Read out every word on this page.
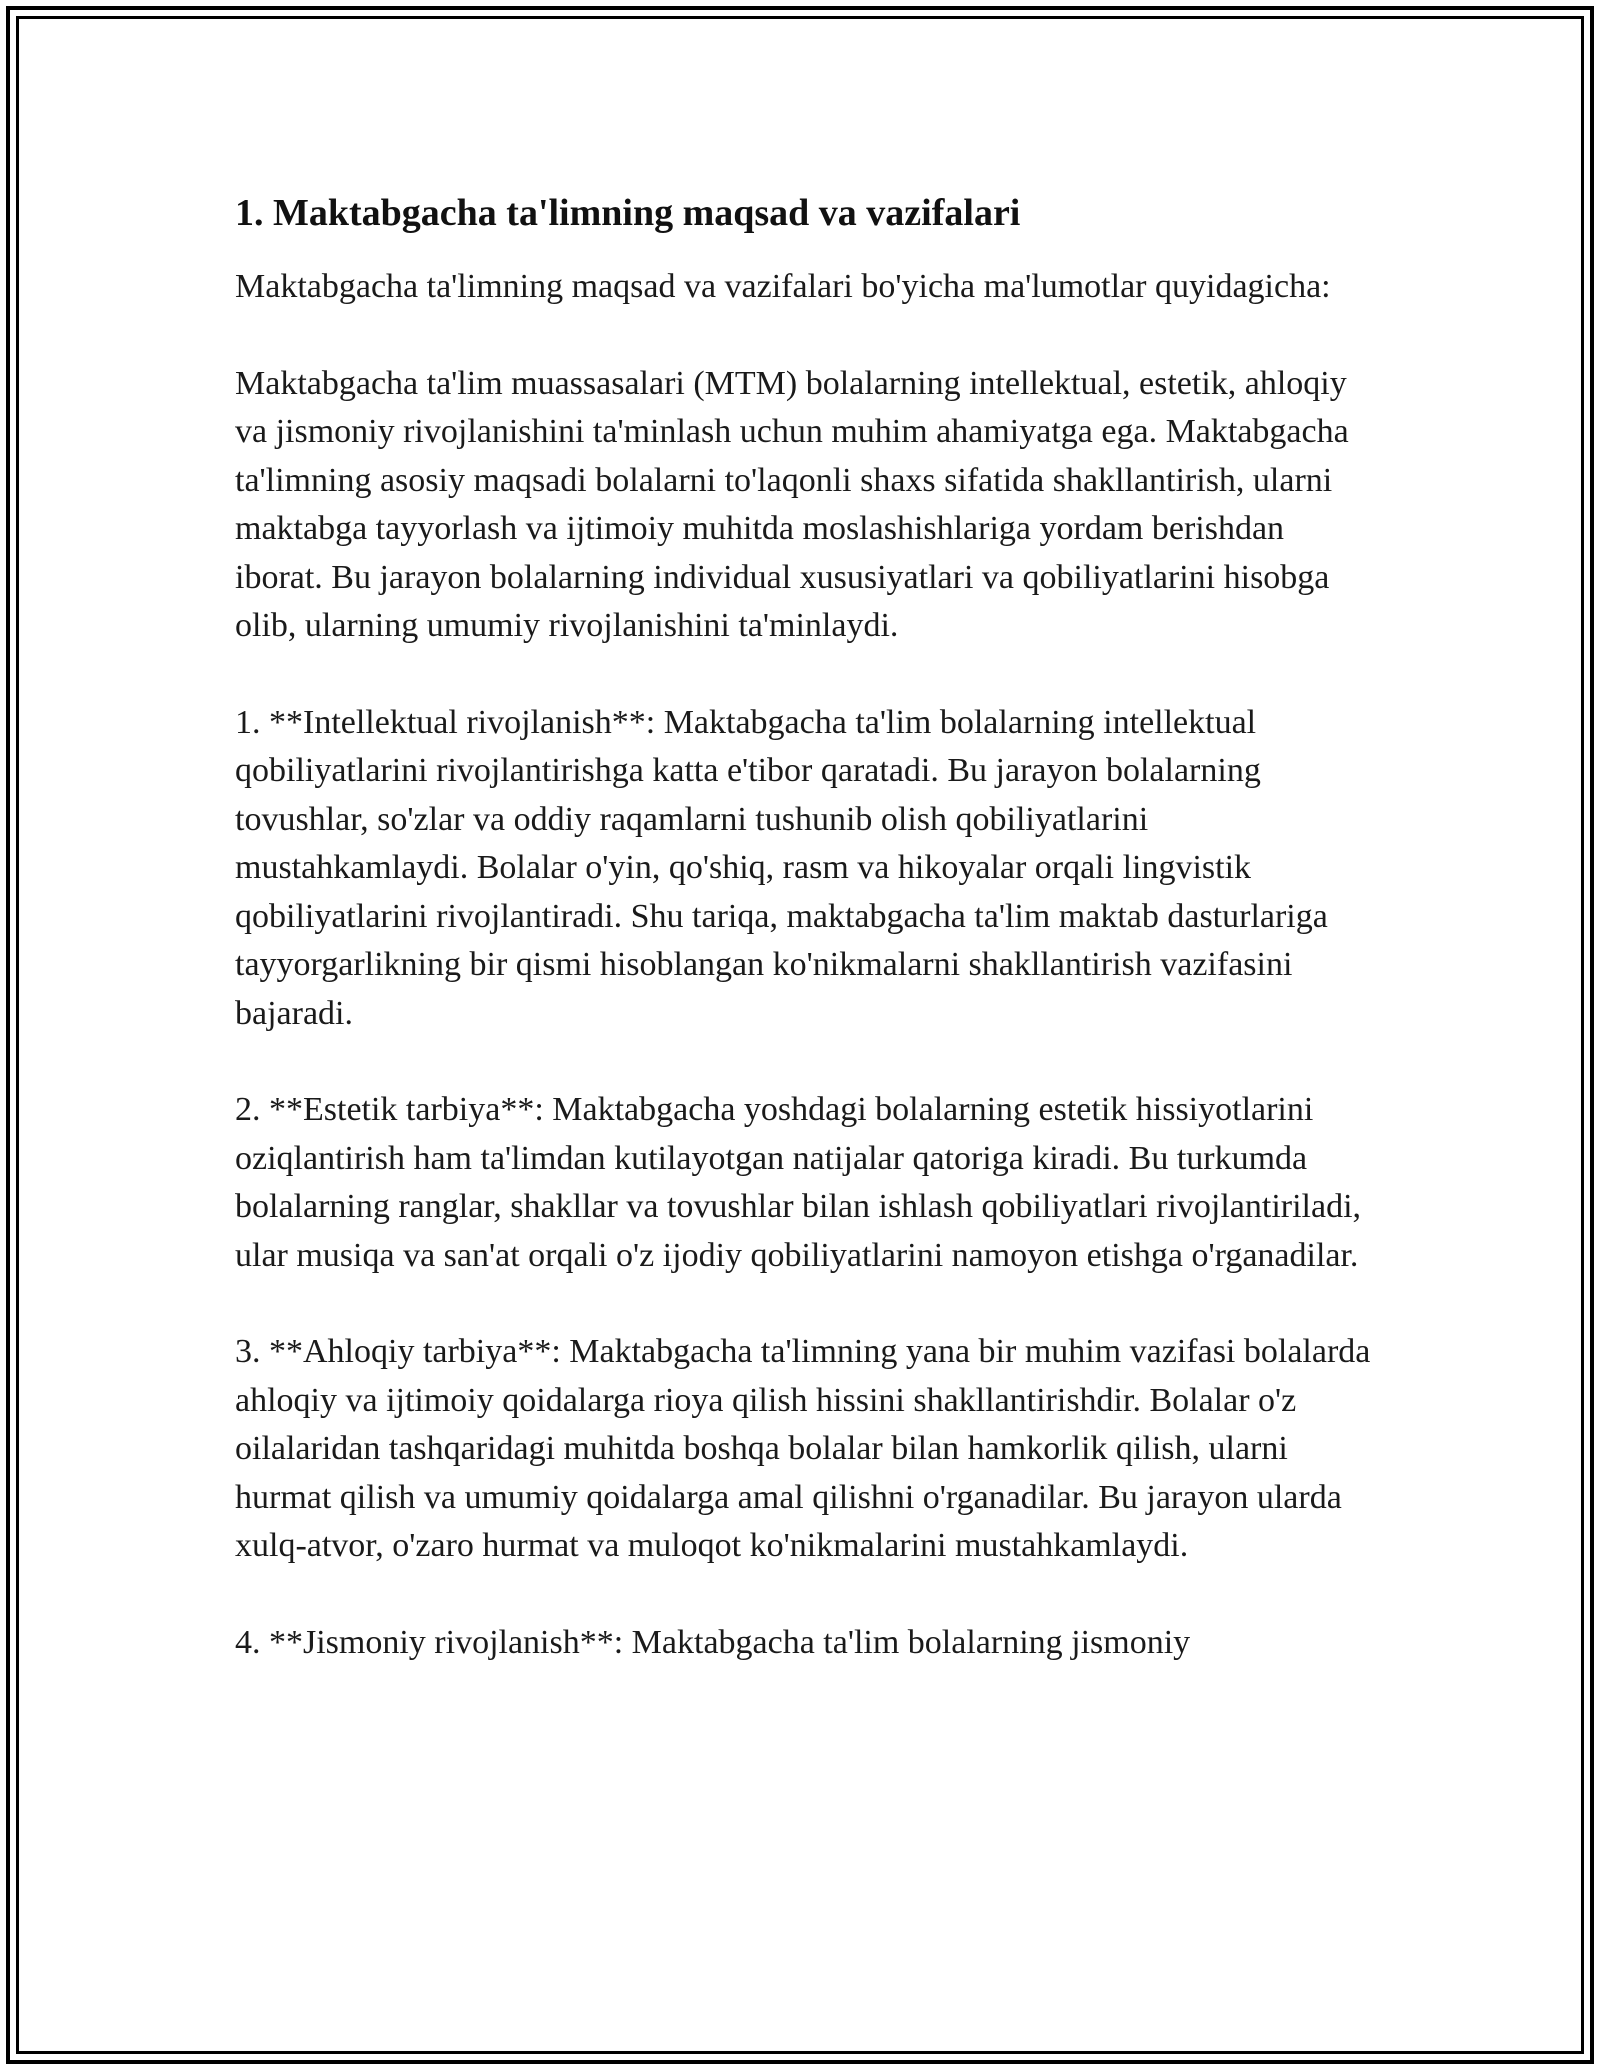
1. Maktabgacha ta'limning maqsad va vazifalari

Maktabgacha ta'limning maqsad va vazifalari bo'yicha ma'lumotlar quyidagicha:

Maktabgacha ta'lim muassasalari (MTM) bolalarning intellektual, estetik, ahloqiy va jismoniy rivojlanishini ta'minlash uchun muhim ahamiyatga ega. Maktabgacha ta'limning asosiy maqsadi bolalarni to'laqonli shaxs sifatida shakllantirish, ularni maktabga tayyorlash va ijtimoiy muhitda moslashishlariga yordam berishdan iborat. Bu jarayon bolalarning individual xususiyatlari va qobiliyatlarini hisobga olib, ularning umumiy rivojlanishini ta'minlaydi.

1. **Intellektual rivojlanish**: Maktabgacha ta'lim bolalarning intellektual qobiliyatlarini rivojlantirishga katta e'tibor qaratadi. Bu jarayon bolalarning tovushlar, so'zlar va oddiy raqamlarni tushunib olish qobiliyatlarini mustahkamlaydi. Bolalar o'yin, qo'shiq, rasm va hikoyalar orqali lingvistik qobiliyatlarini rivojlantiradi. Shu tariqa, maktabgacha ta'lim maktab dasturlariga tayyorgarlikning bir qismi hisoblangan ko'nikmalarni shakllantirish vazifasini bajaradi.

2. **Estetik tarbiya**: Maktabgacha yoshdagi bolalarning estetik hissiyotlarini oziqlantirish ham ta'limdan kutilayotgan natijalar qatoriga kiradi. Bu turkumda bolalarning ranglar, shakllar va tovushlar bilan ishlash qobiliyatlari rivojlantiriladi, ular musiqa va san'at orqali o'z ijodiy qobiliyatlarini namoyon etishga o'rganadilar.

3. **Ahloqiy tarbiya**: Maktabgacha ta'limning yana bir muhim vazifasi bolalarda ahloqiy va ijtimoiy qoidalarga rioya qilish hissini shakllantirishdir. Bolalar o'z oilalaridan tashqaridagi muhitda boshqa bolalar bilan hamkorlik qilish, ularni hurmat qilish va umumiy qoidalarga amal qilishni o'rganadilar. Bu jarayon ularda xulq-atvor, o'zaro hurmat va muloqot ko'nikmalarini mustahkamlaydi.

4. **Jismoniy rivojlanish**: Maktabgacha ta'lim bolalarning jismoniy
